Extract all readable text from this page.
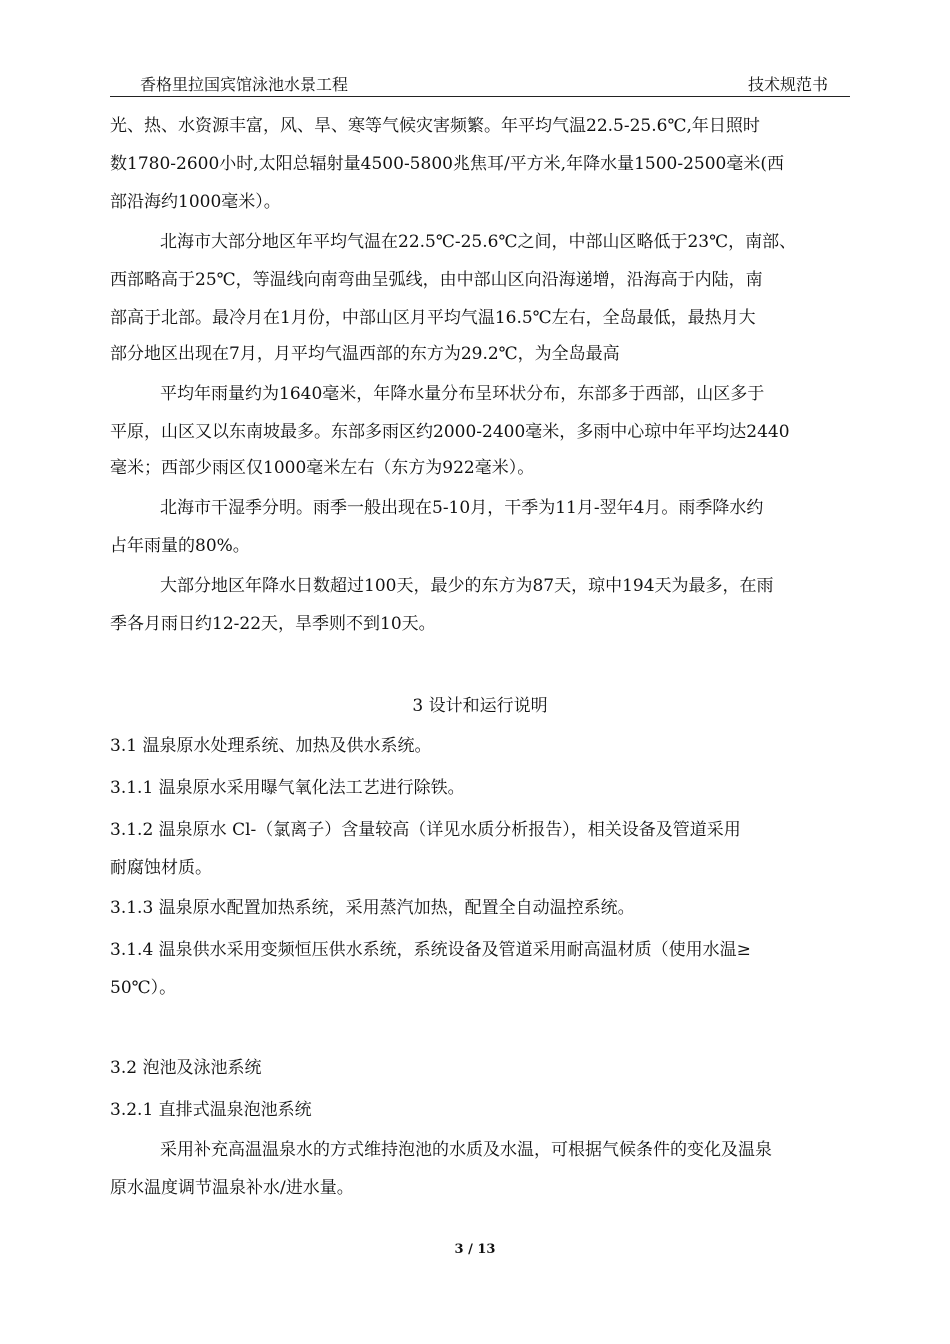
香格里拉国宾馆泳池水景工程	技术规范书
光、热、水资源丰富，风、旱、寒等气候灾害频繁。年平均气温22.5-25.6℃,年日照时
数1780-2600小时,太阳总辐射量4500-5800兆焦耳/平方米,年降水量1500-2500毫米(西
部沿海约1000毫米）。
北海市大部分地区年平均气温在22.5℃-25.6℃之间，中部山区略低于23℃，南部、
西部略高于25℃，等温线向南弯曲呈弧线，由中部山区向沿海递增，沿海高于内陆，南
部高于北部。最冷月在1月份，中部山区月平均气温16.5℃左右，全岛最低，最热月大
部分地区出现在7月，月平均气温西部的东方为29.2℃，为全岛最高
平均年雨量约为1640毫米，年降水量分布呈环状分布，东部多于西部，山区多于
平原，山区又以东南坡最多。东部多雨区约2000-2400毫米，多雨中心琼中年平均达2440
毫米；西部少雨区仅1000毫米左右（东方为922毫米）。
北海市干湿季分明。雨季一般出现在5-10月，干季为11月-翌年4月。雨季降水约
占年雨量的80%。
大部分地区年降水日数超过100天，最少的东方为87天，琼中194天为最多，在雨
季各月雨日约12-22天，旱季则不到10天。
3 设计和运行说明
3.1 温泉原水处理系统、加热及供水系统。
3.1.1 温泉原水采用曝气氧化法工艺进行除铁。
3.1.2 温泉原水 Cl-（氯离子）含量较高（详见水质分析报告），相关设备及管道采用
耐腐蚀材质。
3.1.3 温泉原水配置加热系统，采用蒸汽加热，配置全自动温控系统。
3.1.4 温泉供水采用变频恒压供水系统，系统设备及管道采用耐高温材质（使用水温≥
50℃）。
3.2 泡池及泳池系统
3.2.1 直排式温泉泡池系统
采用补充高温温泉水的方式维持泡池的水质及水温，可根据气候条件的变化及温泉
原水温度调节温泉补水/进水量。
3 / 13
